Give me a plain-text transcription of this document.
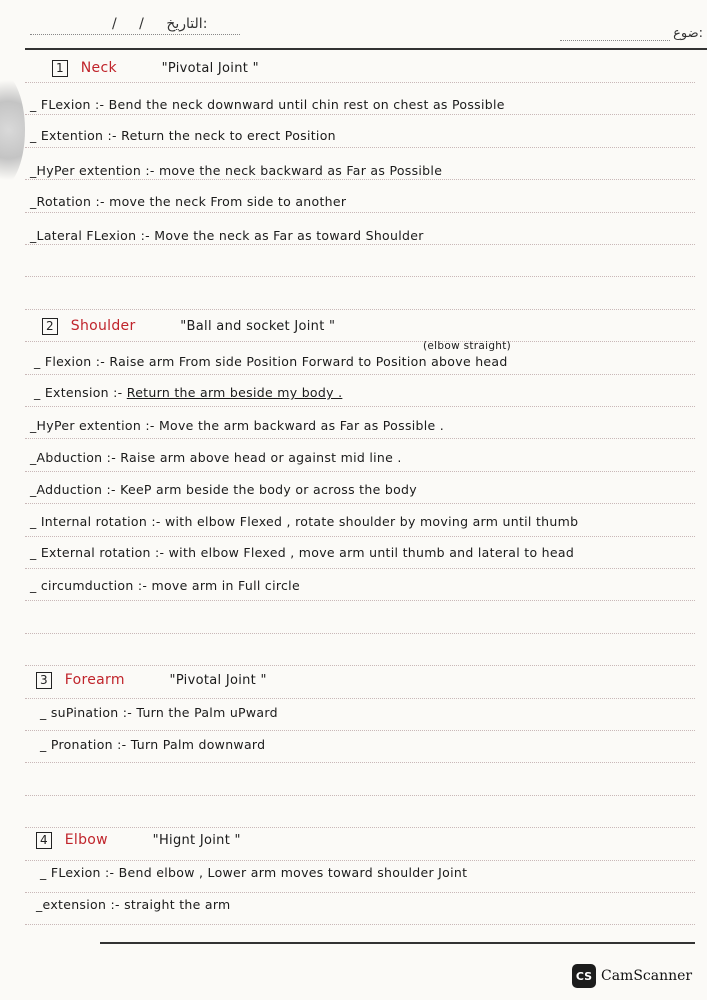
/ / التاريخ:
ضوع:
1 Neck	"Pivotal Joint "
_ FLexion :- Bend the neck downward until chin rest on chest as Possible
_ Extention :- Return the neck to erect Position
_HyPer extention :- move the neck backward as Far as Possible
_Rotation :- move the neck From side to another
_Lateral FLexion :- Move the neck as Far as toward Shoulder
2 Shoulder	"Ball and socket Joint "
(elbow straight)
_ Flexion :- Raise arm From side Position Forward to Position above head
_ Extension :- Return the arm beside my body .
_HyPer extention :- Move the arm backward as Far as Possible .
_Abduction :- Raise arm above head or against mid line .
_Adduction :- KeeP arm beside the body or across the body
_ Internal rotation :- with elbow Flexed , rotate shoulder by moving arm until thumb
_ External rotation :- with elbow Flexed , move arm until thumb and lateral to head
_ circumduction :- move arm in Full circle
3 Forearm	"Pivotal Joint "
_ suPination :- Turn the Palm uPward
_ Pronation :- Turn Palm downward
4 Elbow	"Hignt Joint "
_ FLexion :- Bend elbow , Lower arm moves toward shoulder Joint
_extension :- straight the arm
CS CamScanner
